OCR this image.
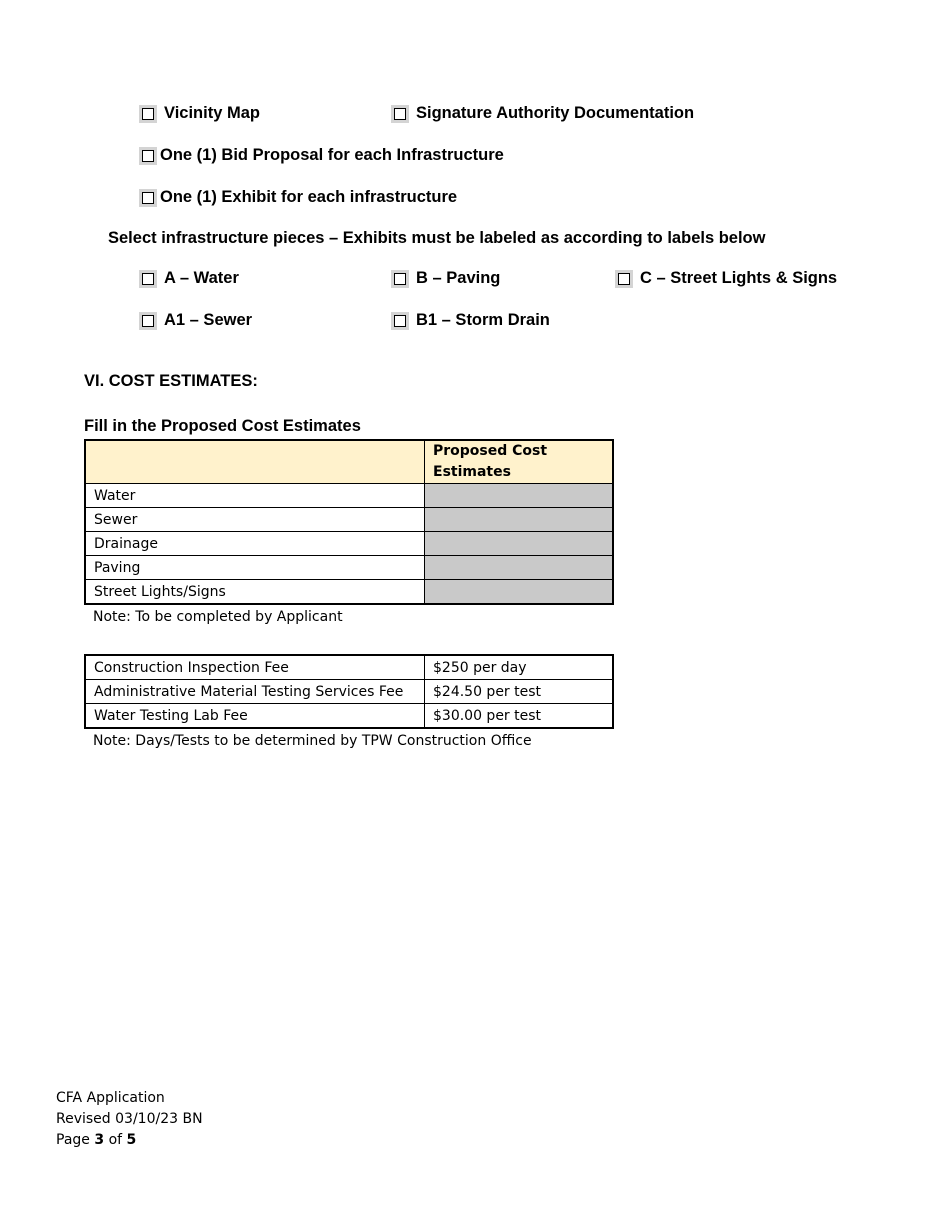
Vicinity Map	Signature Authority Documentation
One (1) Bid Proposal for each Infrastructure
One (1) Exhibit for each infrastructure
Select infrastructure pieces – Exhibits must be labeled as according to labels below
A – Water	B – Paving	C – Street Lights & Signs
A1 – Sewer	B1 – Storm Drain
VI. COST ESTIMATES:
Fill in the Proposed Cost Estimates
	Proposed Cost Estimates
Water	
Sewer	
Drainage	
Paving	
Street Lights/Signs	
Note: To be completed by Applicant
Construction Inspection Fee	$250 per day
Administrative Material Testing Services Fee	$24.50 per test
Water Testing Lab Fee	$30.00 per test
Note: Days/Tests to be determined by TPW Construction Office
CFA Application
Revised 03/10/23 BN
Page 3 of 5
